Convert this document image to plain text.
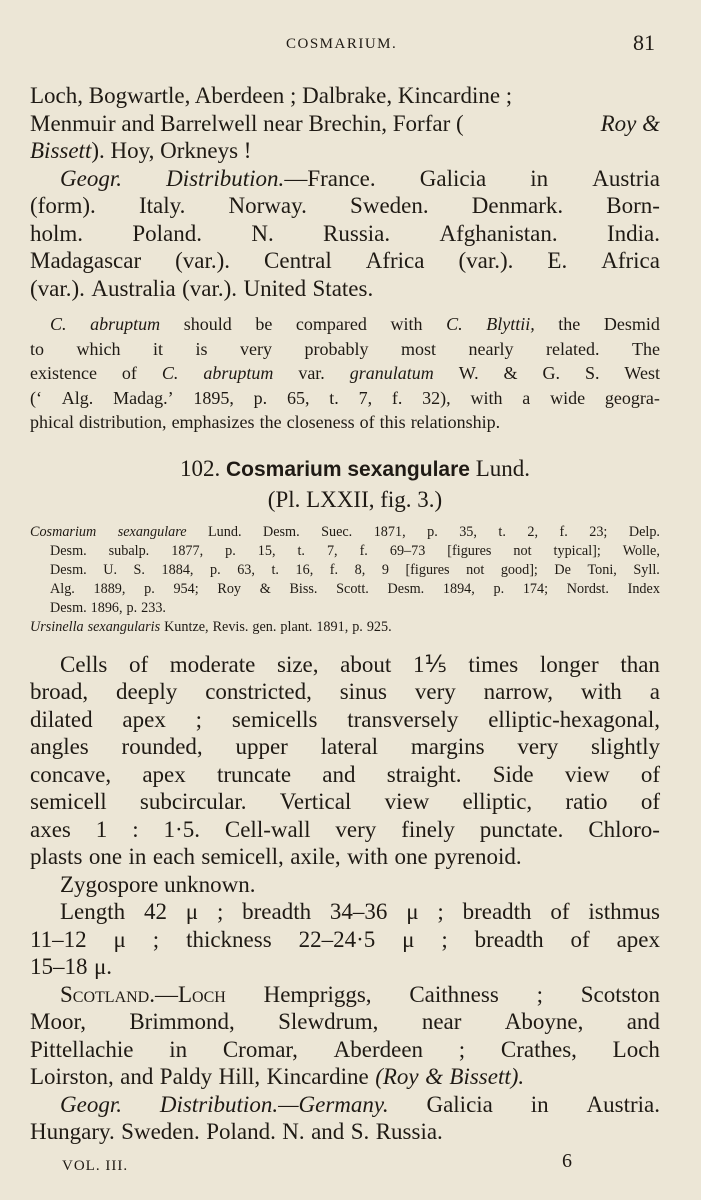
COSMARIUM.	81
Loch, Bogwartle, Aberdeen ; Dalbrake, Kincardine ;
Menmuir and Barrelwell near Brechin, Forfar (	Roy &
Bissett ). Hoy, Orkneys !
Geogr. Distribution.—France. Galicia in Austria
(form). Italy. Norway. Sweden. Denmark. Born-
holm. Poland. N. Russia. Afghanistan. India.
Madagascar (var.). Central Africa (var.). E. Africa
(var.). Australia (var.). United States.
C. abruptum should be compared with C. Blyttii, the Desmid
to which it is very probably most nearly related. The
existence of C. abruptum var. granulatum W. & G. S. West
(‘ Alg. Madag.’ 1895, p. 65, t. 7, f. 32), with a wide geogra-
phical distribution, emphasizes the closeness of this relationship.
102. Cosmarium sexangulare Lund.
(Pl. LXXII, fig. 3.)
Cosmarium sexangulare Lund. Desm. Suec. 1871, p. 35, t. 2, f. 23; Delp.
Desm. subalp. 1877, p. 15, t. 7, f. 69–73 [figures not typical]; Wolle,
Desm. U. S. 1884, p. 63, t. 16, f. 8, 9 [figures not good]; De Toni, Syll.
Alg. 1889, p. 954; Roy & Biss. Scott. Desm. 1894, p. 174; Nordst. Index
Desm. 1896, p. 233.
Ursinella sexangularis Kuntze, Revis. gen. plant. 1891, p. 925.
Cells of moderate size, about 1⅕ times longer than
broad, deeply constricted, sinus very narrow, with a
dilated apex ; semicells transversely elliptic-hexagonal,
angles rounded, upper lateral margins very slightly
concave, apex truncate and straight. Side view of
semicell subcircular. Vertical view elliptic, ratio of
axes 1 : 1·5. Cell-wall very finely punctate. Chloro-
plasts one in each semicell, axile, with one pyrenoid.
Zygospore unknown.
Length 42 μ ; breadth 34–36 μ ; breadth of isthmus
11–12 μ ; thickness 22–24·5 μ ; breadth of apex
15–18 μ.
Scotland.—Loch Hempriggs, Caithness ; Scotston
Moor, Brimmond, Slewdrum, near Aboyne, and
Pittellachie in Cromar, Aberdeen ; Crathes, Loch
Loirston, and Paldy Hill, Kincardine (Roy & Bissett).
Geogr. Distribution.—Germany. Galicia in Austria.
Hungary. Sweden. Poland. N. and S. Russia.
VOL. III.	6
